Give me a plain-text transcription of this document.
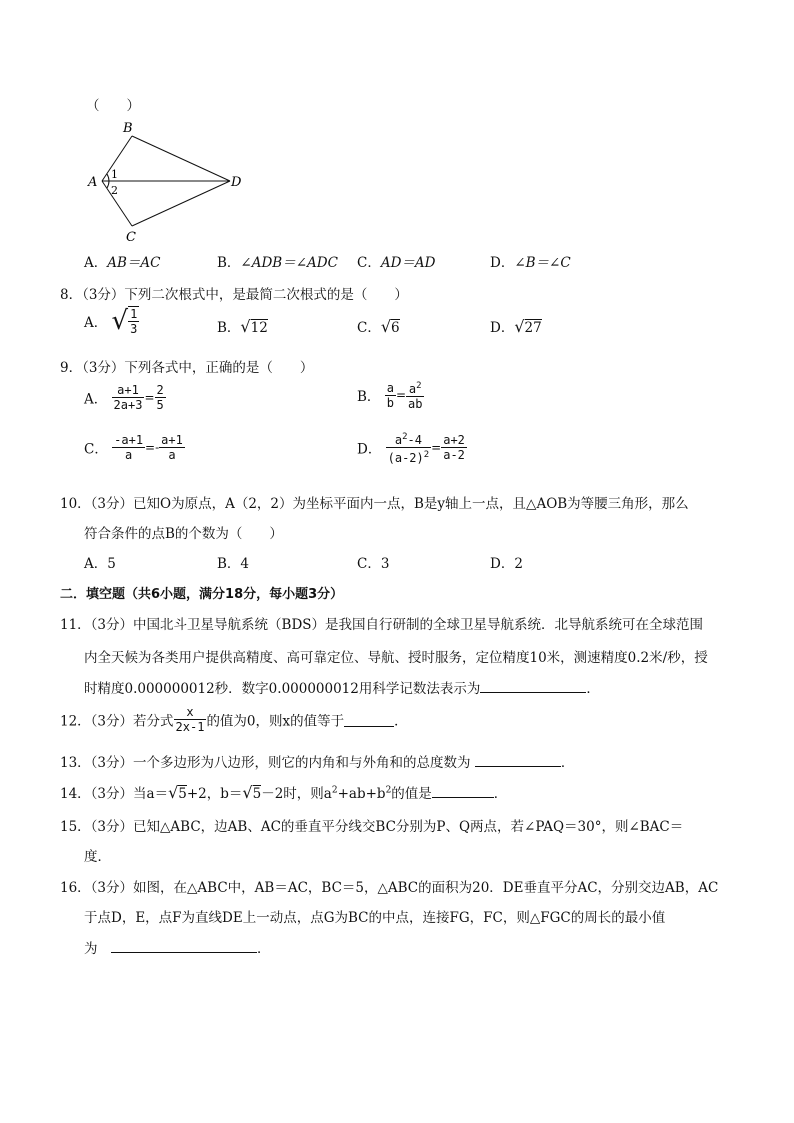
（　　）
B
A	D
C
1
2
A．AB＝AC	B．∠ADB＝∠ADC C．AD＝AD	D．∠B＝∠C
8．（3分）下列二次根式中，是最简二次根式的是（　　）
A． √ $\frac{1}{3}$	B．√12	C．√6	D．√27
9．（3分）下列各式中，正确的是（　　）
A． $\frac{a+1}{2a+3} = \frac{2}{5}$	B． $\frac{a}{b} = \frac{a^2}{ab}$
C． $\frac{-a+1}{a} =- \frac{a+1}{a}$	D． $\frac{a^2-4}{(a-2)^2} = \frac{a+2}{a-2}$
10．（3分）已知O为原点，A（2，2）为坐标平面内一点，B是y轴上一点，且△AOB为等腰三角形，那么
符合条件的点B的个数为（　　）
A．5	B．4	C．3	D．2
二．填空题（共6小题，满分18分，每小题3分）
11．（3分）中国北斗卫星导航系统（BDS）是我国自行研制的全球卫星导航系统．北导航系统可在全球范围
内全天候为各类用户提供高精度、高可靠定位、导航、授时服务，定位精度10米，测速精度0.2米/秒，授
时精度0.000000012秒．数字0.000000012用科学记数法表示为	．
12．（3分）若分式 $\frac{x}{2x-1}$ 的值为0，则x的值等于	．
13．（3分）一个多边形为八边形，则它的内角和与外角和的总度数为	．
14．（3分）当a＝√5+2，b＝√5－2时，则$a^2+ab+b^2$的值是	．
15．（3分）已知△ABC，边AB、AC的垂直平分线交BC分别为P、Q两点，若∠PAQ＝30°，则∠BAC＝
度．
16．（3分）如图，在△ABC中，AB＝AC，BC＝5，△ABC的面积为20．DE垂直平分AC，分别交边AB，AC
于点D，E，点F为直线DE上一动点，点G为BC的中点，连接FG，FC，则△FGC的周长的最小值
为　	．
